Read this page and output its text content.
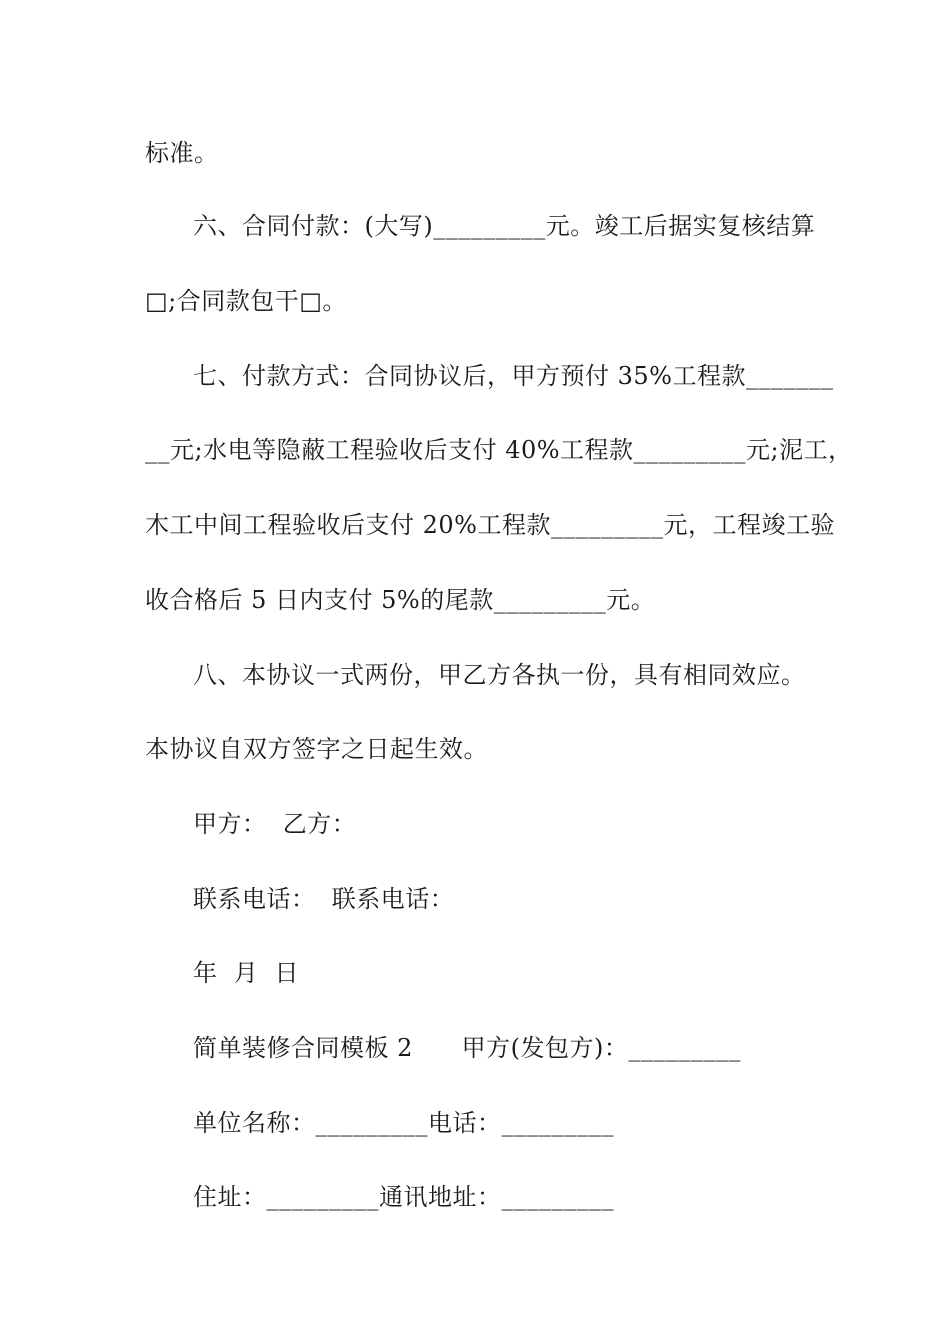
标准。
六、合同付款：(大写)_________元。竣工后据实复核结算
□;合同款包干□。
七、付款方式：合同协议后，甲方预付 35%工程款_______
__元;水电等隐蔽工程验收后支付 40%工程款_________元;泥工，
木工中间工程验收后支付 20%工程款_________元，工程竣工验
收合格后 5 日内支付 5%的尾款_________元。
八、本协议一式两份，甲乙方各执一份，具有相同效应。
本协议自双方签字之日起生效。
甲方：  乙方：
联系电话：  联系电话：
年  月  日
简单装修合同模板 2      甲方(发包方)：_________
单位名称：_________电话：_________
住址：_________通讯地址：_________
